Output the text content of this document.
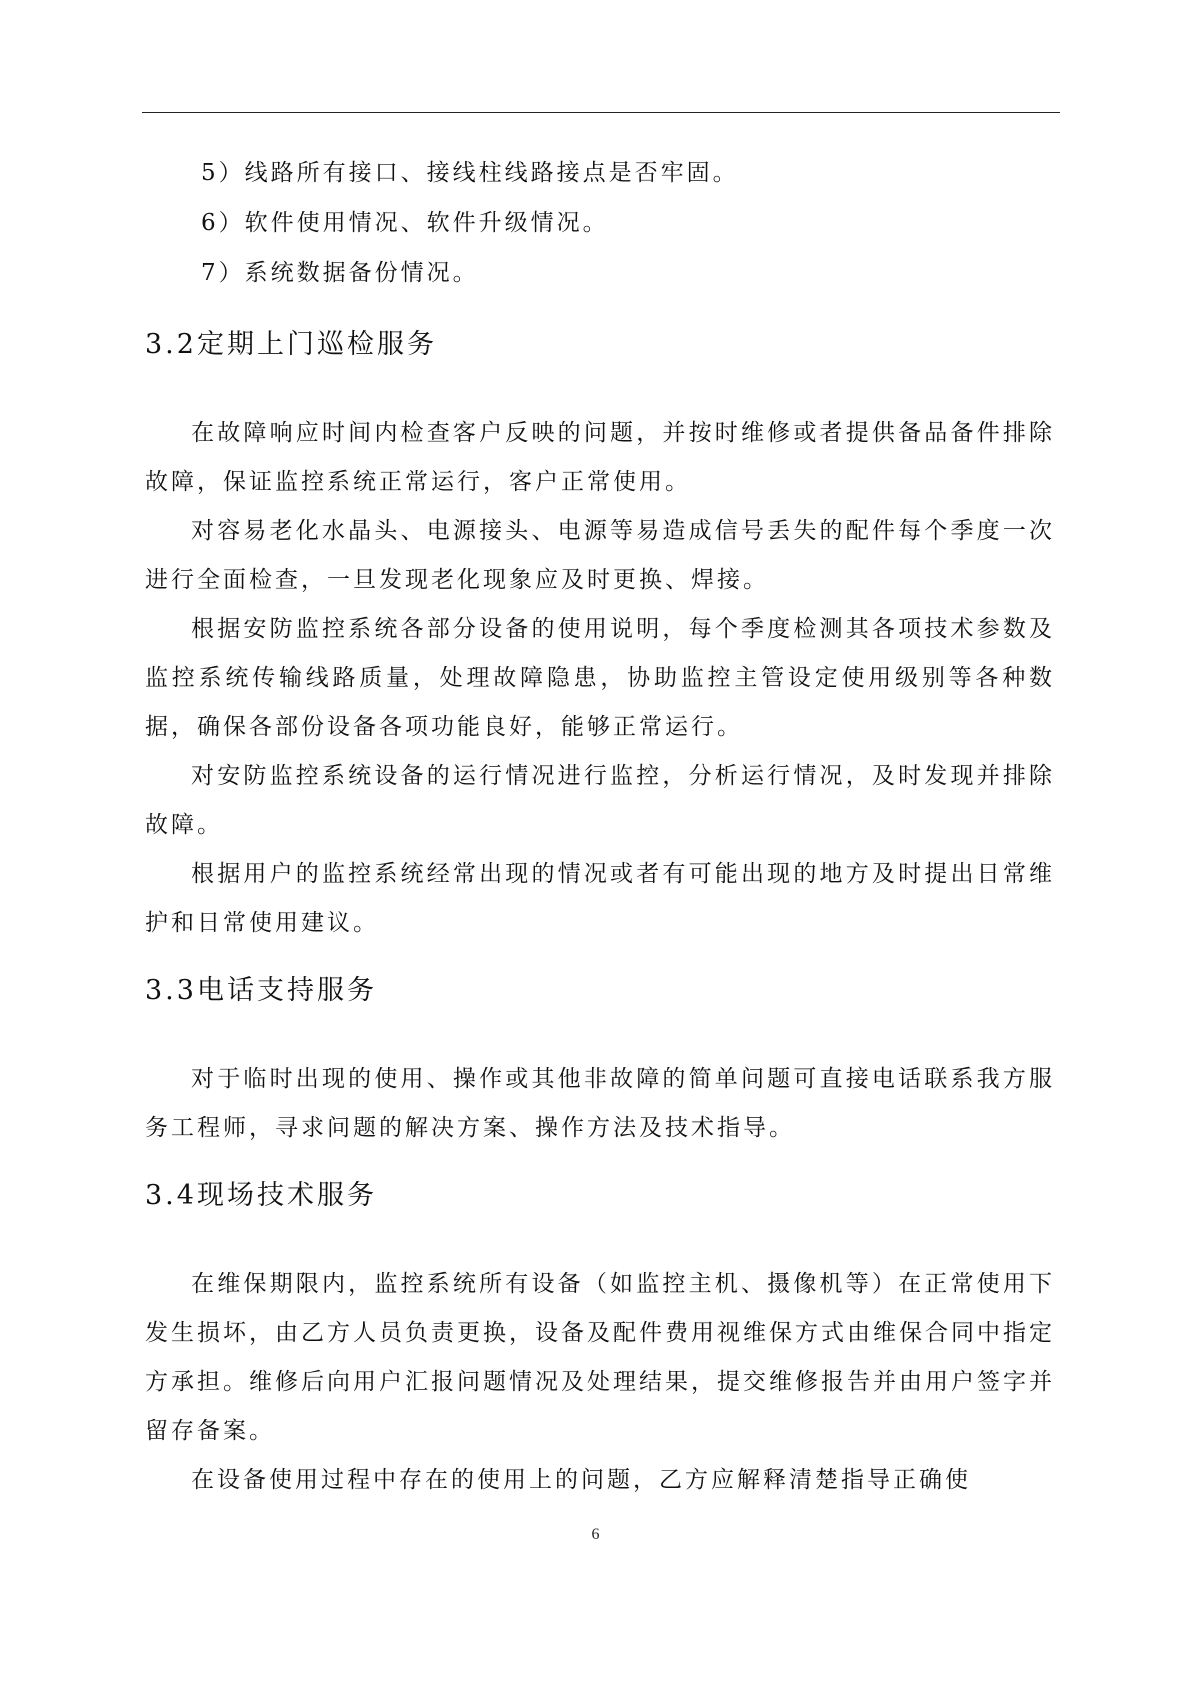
5）线路所有接口、接线柱线路接点是否牢固。

6）软件使用情况、软件升级情况。

7）系统数据备份情况。

3.2定期上门巡检服务

在故障响应时间内检查客户反映的问题，并按时维修或者提供备品备件排除故障，保证监控系统正常运行，客户正常使用。

对容易老化水晶头、电源接头、电源等易造成信号丢失的配件每个季度一次进行全面检查，一旦发现老化现象应及时更换、焊接。

根据安防监控系统各部分设备的使用说明，每个季度检测其各项技术参数及监控系统传输线路质量，处理故障隐患，协助监控主管设定使用级别等各种数据，确保各部份设备各项功能良好，能够正常运行。

对安防监控系统设备的运行情况进行监控，分析运行情况，及时发现并排除故障。

根据用户的监控系统经常出现的情况或者有可能出现的地方及时提出日常维护和日常使用建议。

3.3电话支持服务

对于临时出现的使用、操作或其他非故障的简单问题可直接电话联系我方服务工程师，寻求问题的解决方案、操作方法及技术指导。

3.4现场技术服务

在维保期限内，监控系统所有设备（如监控主机、摄像机等）在正常使用下发生损坏，由乙方人员负责更换，设备及配件费用视维保方式由维保合同中指定方承担。维修后向用户汇报问题情况及处理结果，提交维修报告并由用户签字并留存备案。

在设备使用过程中存在的使用上的问题，乙方应解释清楚指导正确使

6
